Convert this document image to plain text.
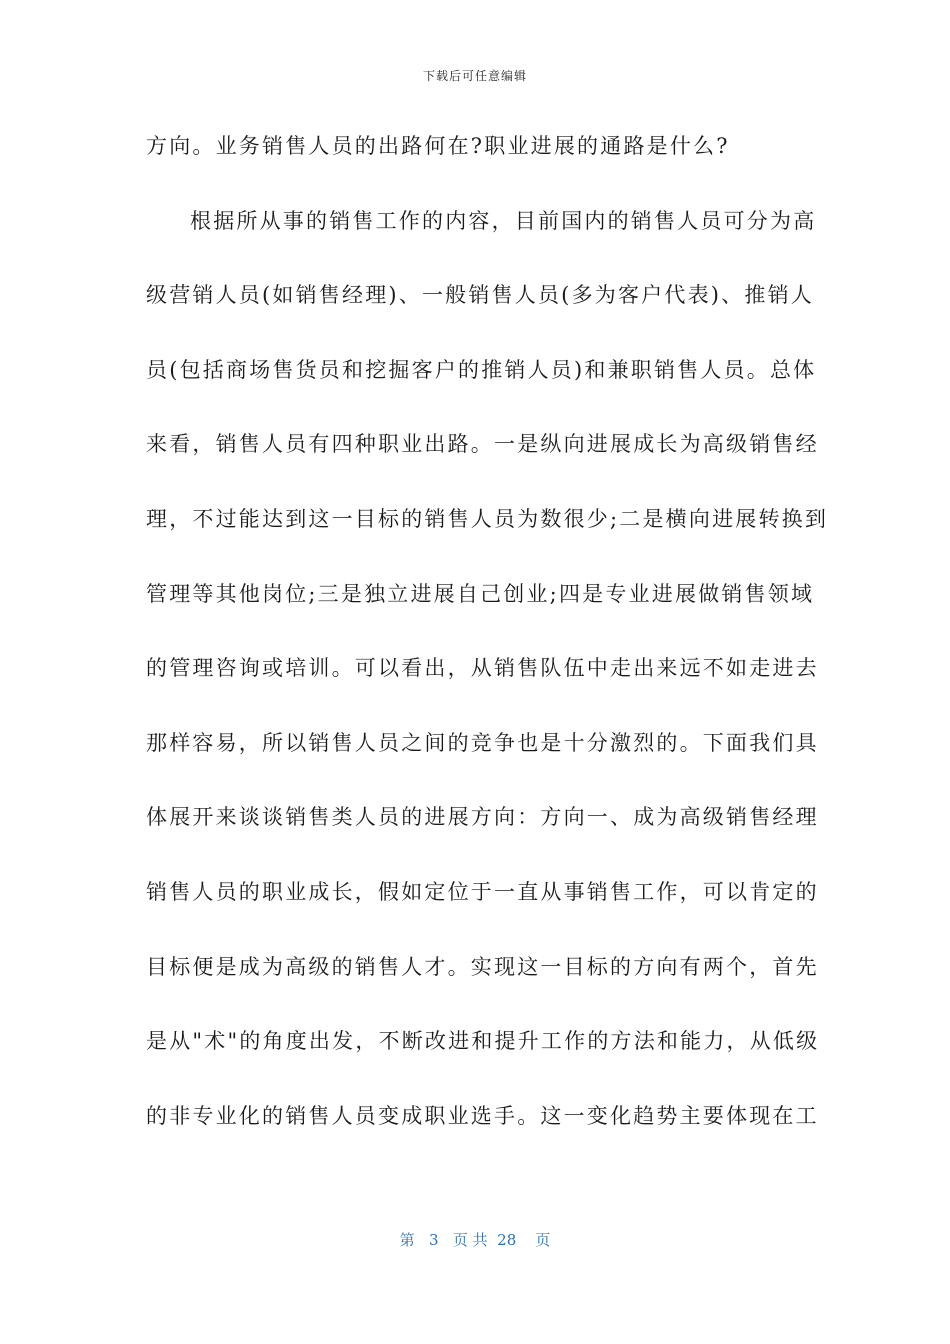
下载后可任意编辑
方向。业务销售人员的出路何在?职业进展的通路是什么?
根据所从事的销售工作的内容，目前国内的销售人员可分为高
级营销人员(如销售经理)、一般销售人员(多为客户代表)、推销人
员(包括商场售货员和挖掘客户的推销人员)和兼职销售人员。总体
来看，销售人员有四种职业出路。一是纵向进展成长为高级销售经
理，不过能达到这一目标的销售人员为数很少;二是横向进展转换到
管理等其他岗位;三是独立进展自己创业;四是专业进展做销售领域
的管理咨询或培训。可以看出，从销售队伍中走出来远不如走进去
那样容易，所以销售人员之间的竞争也是十分激烈的。下面我们具
体展开来谈谈销售类人员的进展方向：方向一、成为高级销售经理
销售人员的职业成长，假如定位于一直从事销售工作，可以肯定的
目标便是成为高级的销售人才。实现这一目标的方向有两个，首先
是从"术"的角度出发，不断改进和提升工作的方法和能力，从低级
的非专业化的销售人员变成职业选手。这一变化趋势主要体现在工
第 3 页 共 28 页
